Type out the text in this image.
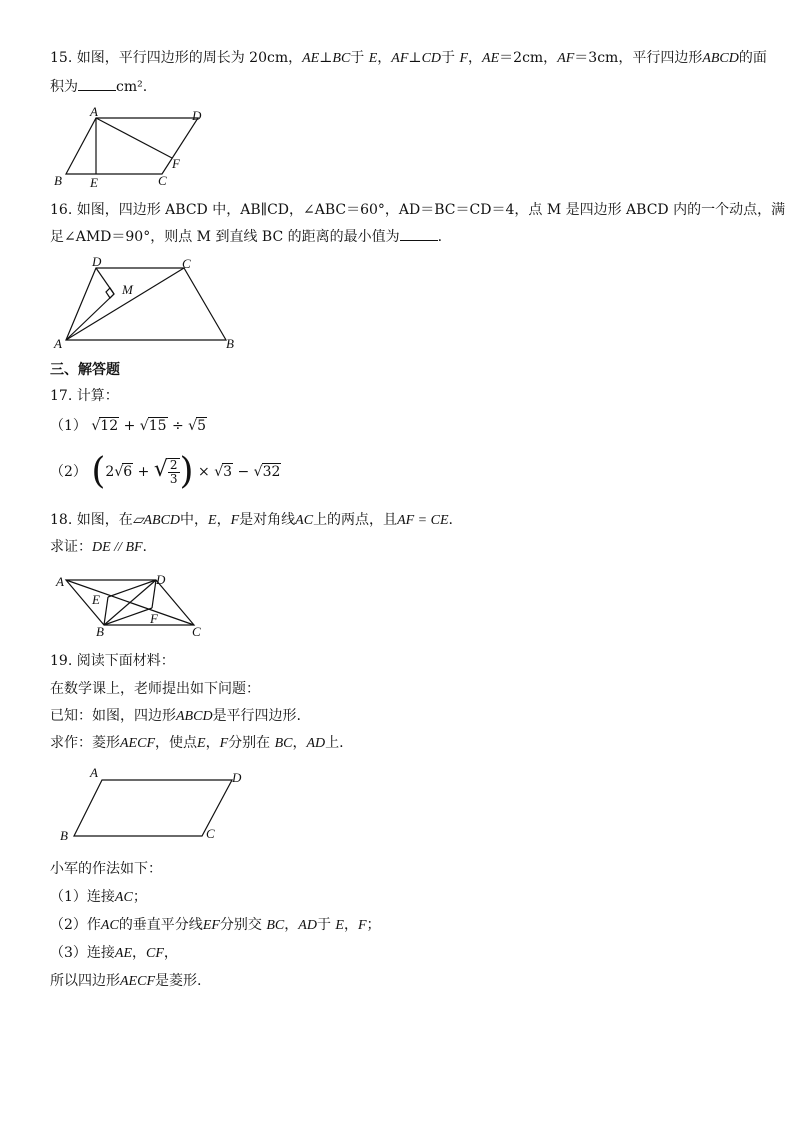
15. 如图，平行四边形的周长为 20cm，AE⊥BC于 E，AF⊥CD于 F，AE＝2cm，AF＝3cm，平行四边形ABCD的面
积为	cm².
A	D
B E	C
F
16. 如图，四边形 ABCD 中，AB∥CD，∠ABC＝60°，AD＝BC＝CD＝4，点 M 是四边形 ABCD 内的一个动点，满
足∠AMD＝90°，则点 M 到直线 BC 的距离的最小值为	.
D	C
M
A	B
三、解答题
17. 计算：
（1） √12 + √15 ÷ √5
（2） (2√6 + √ $\frac{2}{3}$ ) × √3 − √32
18. 如图，在▱ABCD中，E，F是对角线AC上的两点，且AF = CE.
求证：DE // BF.
A	D
E
B
F
C
19. 阅读下面材料：
在数学课上，老师提出如下问题：
已知：如图，四边形ABCD是平行四边形.
求作：菱形AECF，使点E，F分别在 BC，AD上.
A	D
B	C
小军的作法如下：
（1）连接AC；
（2）作AC的垂直平分线EF分别交 BC，AD于 E，F；
（3）连接AE，CF，
所以四边形AECF是菱形.
